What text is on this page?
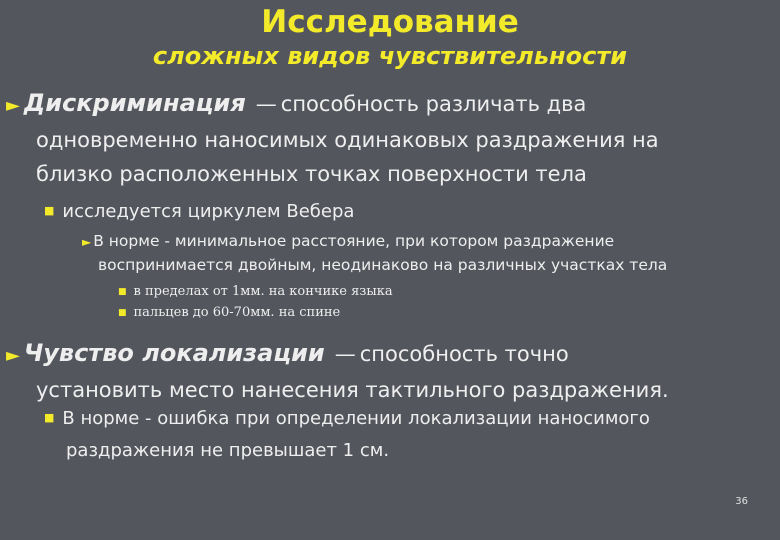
Исследование
сложных видов чувствительности
► Дискриминация — способность различать два
одновременно наносимых одинаковых раздражения на
близко расположенных точках поверхности тела
■ исследуется циркулем Вебера
► В норме - минимальное расстояние, при котором раздражение
воспринимается двойным, неодинаково на различных участках тела
■ в пределах от 1мм. на кончике языка
■ пальцев до 60-70мм. на спине
► Чувство локализации — способность точно
установить место нанесения тактильного раздражения.
■ В норме - ошибка при определении локализации наносимого
раздражения не превышает 1 см.
36
